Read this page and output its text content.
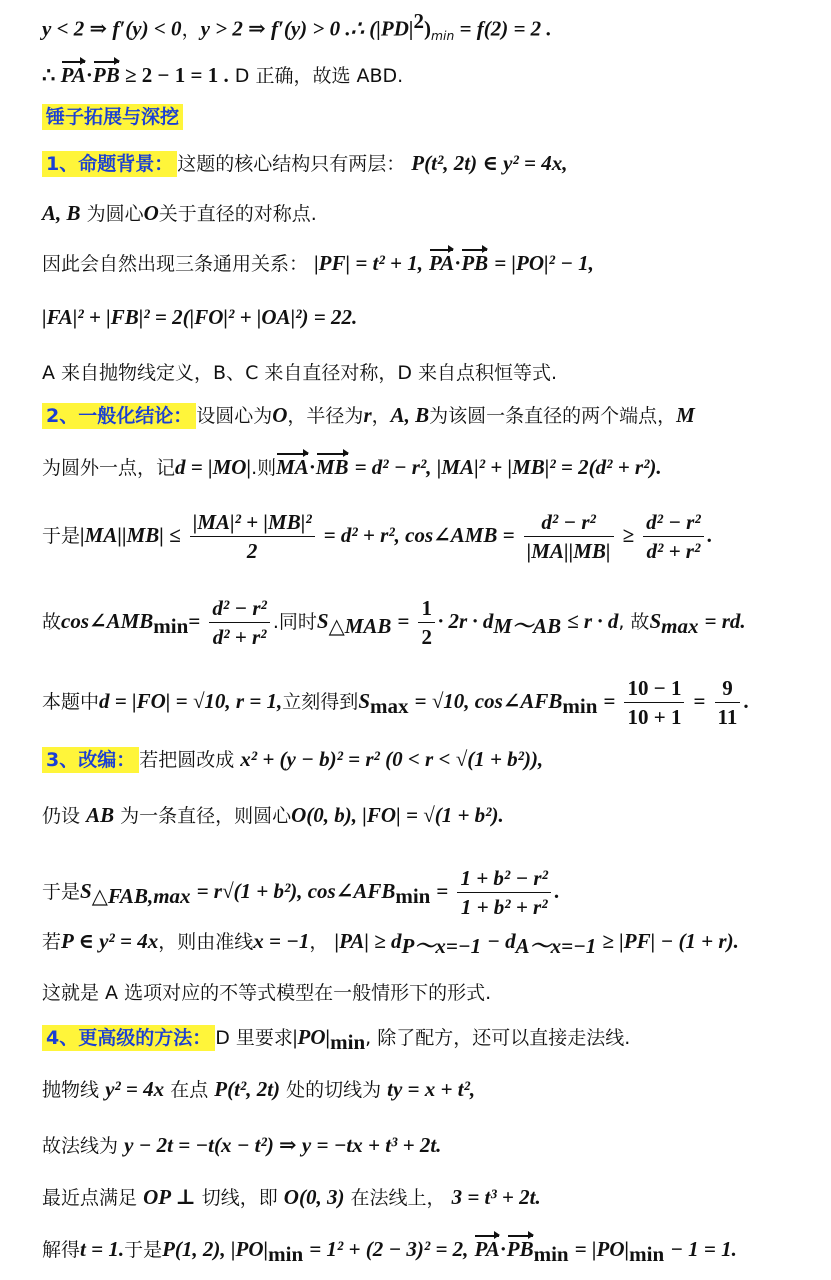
y < 2 ⇒ f′(y) < 0，y > 2 ⇒ f′(y) > 0 .∴ $(|PD|^2)_{min} = f(2) = 2$ .
∴ PA·PB ≥ 2 − 1 = 1 . D 正确，故选 ABD.
锤子拓展与深挖
1、命题背景： 这题的核心结构只有两层： P(t², 2t) ∈ y² = 4x,
A, B 为圆心O关于直径的对称点.
因此会自然出现三条通用关系： |PF| = t² + 1, PA·PB = |PO|² − 1,
|FA|² + |FB|² = 2(|FO|² + |OA|²) = 22.
A 来自抛物线定义，B、C 来自直径对称，D 来自点积恒等式.
2、一般化结论： 设圆心为O，半径为r，A, B为该圆一条直径的两个端点，M
为圆外一点，记d = |MO|.则MA·MB = d² − r², |MA|² + |MB|² = 2(d² + r²).
于是$|MA||MB| \le \frac{\text{|MA|² + |MB|²}}{2} = d^2 + r^2$, cos∠AMB = $\frac{\text{d² − r²}}{|MA||MB|} \ge \frac{\text{d² − r²}}{\text{d² + r²}}$ .
故$\cos\angle AMB_{min}= \frac{\text{d² − r²}}{\text{d² + r²}}$ .同时$S_{\triangle MAB} = \frac{1}{2} \cdot 2r \cdot d_{M\sim AB} \le r \cdot d$, 故$S_{max}$ = rd.
本题中d = |FO| = √10, r = 1,立刻得到$S_{max} = √10$, $\cos\angle AFB_{min} = \frac{10 - 1}{10 + 1} = \frac{9}{11}$ .
3、改编： 若把圆改成 x² + (y − b)² = r² (0 < r < √(1 + b²)),
仍设 AB 为一条直径，则圆心O(0, b), |FO| = √(1 + b²).
于是$S_{\triangle FAB,max} = r√(1 + b^2)$, $\cos\angle AFB_{min} = \frac{\text{1 + b² − r²}}{\text{1 + b² + r²}}$ .
若P ∈ y² = 4x，则由准线x = −1， $|PA| \ge d_{P\sim x=-1} - d_{A\sim x=-1} \ge |PF| - (1 + r)$.
这就是 A 选项对应的不等式模型在一般情形下的形式.
4、更高级的方法： D 里要求$|PO|_{min}$, 除了配方，还可以直接走法线.
抛物线 y² = 4x 在点 P(t², 2t) 处的切线为 ty = x + t²,
故法线为 y − 2t = −t(x − t²) ⇒ y = −tx + t³ + 2t.
最近点满足 OP ⊥ 切线，即 O(0, 3) 在法线上， 3 = t³ + 2t.
解得t = 1.于是P(1, 2), $|PO|_{min} = 1^2 + (2 - 3)^2 = 2$, $PA\cdot PB_{min} = |PO|_{min} - 1 = 1$.
